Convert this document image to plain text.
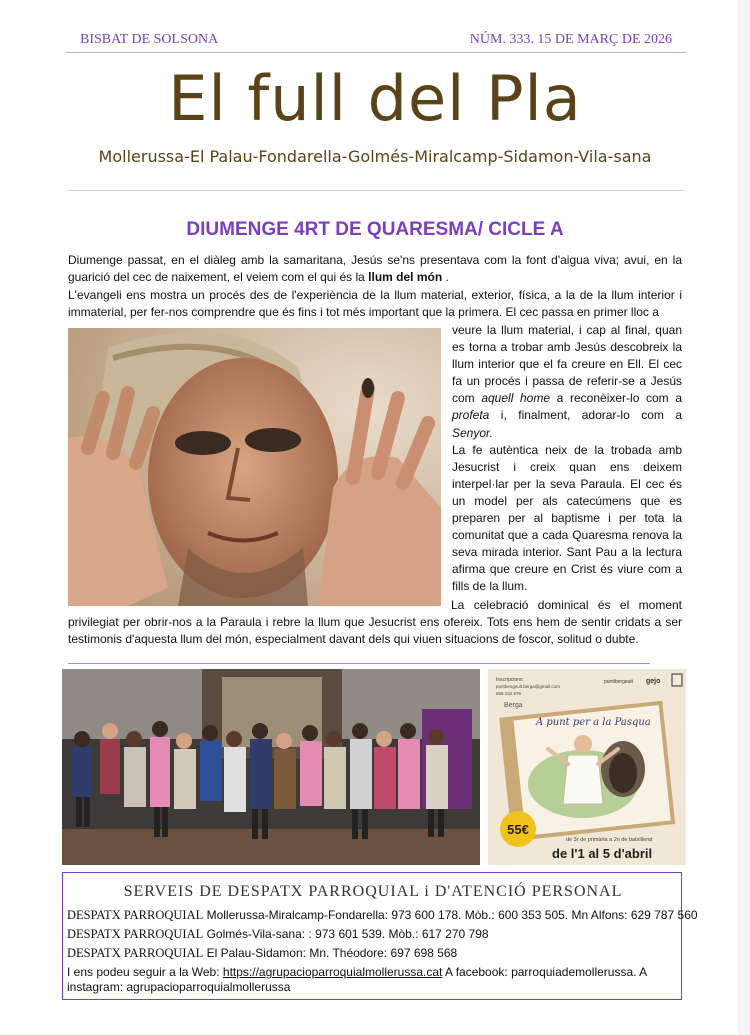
BISBAT DE SOLSONA	NÚM. 333. 15 DE MARÇ DE 2026
El full del Pla
Mollerussa-El Palau-Fondarella-Golmés-Miralcamp-Sidamon-Vila-sana
DIUMENGE 4RT DE QUARESMA/ CICLE A
Diumenge passat, en el diàleg amb la samaritana, Jesús se'ns presentava com la font d'aigua viva; avui, en la guarició del cec de naixement, el veiem com el qui és la llum del món .
L'evangeli ens mostra un procés des de l'experiència de la llum material, exterior, física, a la de la llum interior i immaterial, per fer-nos comprendre que és fins i tot més important que la primera. El cec passa en primer lloc a

veure la llum material, i cap al final, quan es torna a trobar amb Jesús descobreix la llum interior que el fa creure en Ell. El cec fa un procés i passa de referir-se a Jesús com aquell home a reconèixer-lo com a profeta i, finalment, adorar-lo com a Senyor.

La fe autèntica neix de la trobada amb Jesucrist i creix quan ens deixem interpel·lar per la seva Paraula. El cec és un model per als catecúmens que es preparen per al baptisme i per tota la comunitat que a cada Quaresma renova la seva mirada interior. Sant Pau a la lectura afirma que creure en Crist és viure com a fills de la llum.

La celebració dominical és el moment privilegiat per obrir-nos a la Paraula i rebre la llum que Jesucrist ens ofereix. Tots ens hem de sentir cridats a ser testimonis d'aquesta llum del món, especialment davant dels qui viuen situacions de foscor, solitud o dubte.
Inscripcions:
puntbengeuit.berga@gmail.com
655 232 976
puntibergeuit gejo
Berga
A punt per a la Pasqua
55€
de 3r de primària a 2n de batxillerat
de l'1 al 5 d'abril
SERVEIS DE DESPATX PARROQUIAL i D'ATENCIÓ PERSONAL
DESPATX PARROQUIAL Mollerussa-Miralcamp-Fondarella: 973 600 178. Mòb.: 600 353 505. Mn Alfons: 629 787 560
DESPATX PARROQUIAL Golmés-Vila-sana: : 973 601 539. Mòb.: 617 270 798
DESPATX PARROQUIAL El Palau-Sidamon: Mn. Théodore: 697 698 568
I ens podeu seguir a la Web: https://agrupacioparroquialmollerussa.cat A facebook: parroquiademollerussa. A instagram: agrupacioparroquialmollerussa
